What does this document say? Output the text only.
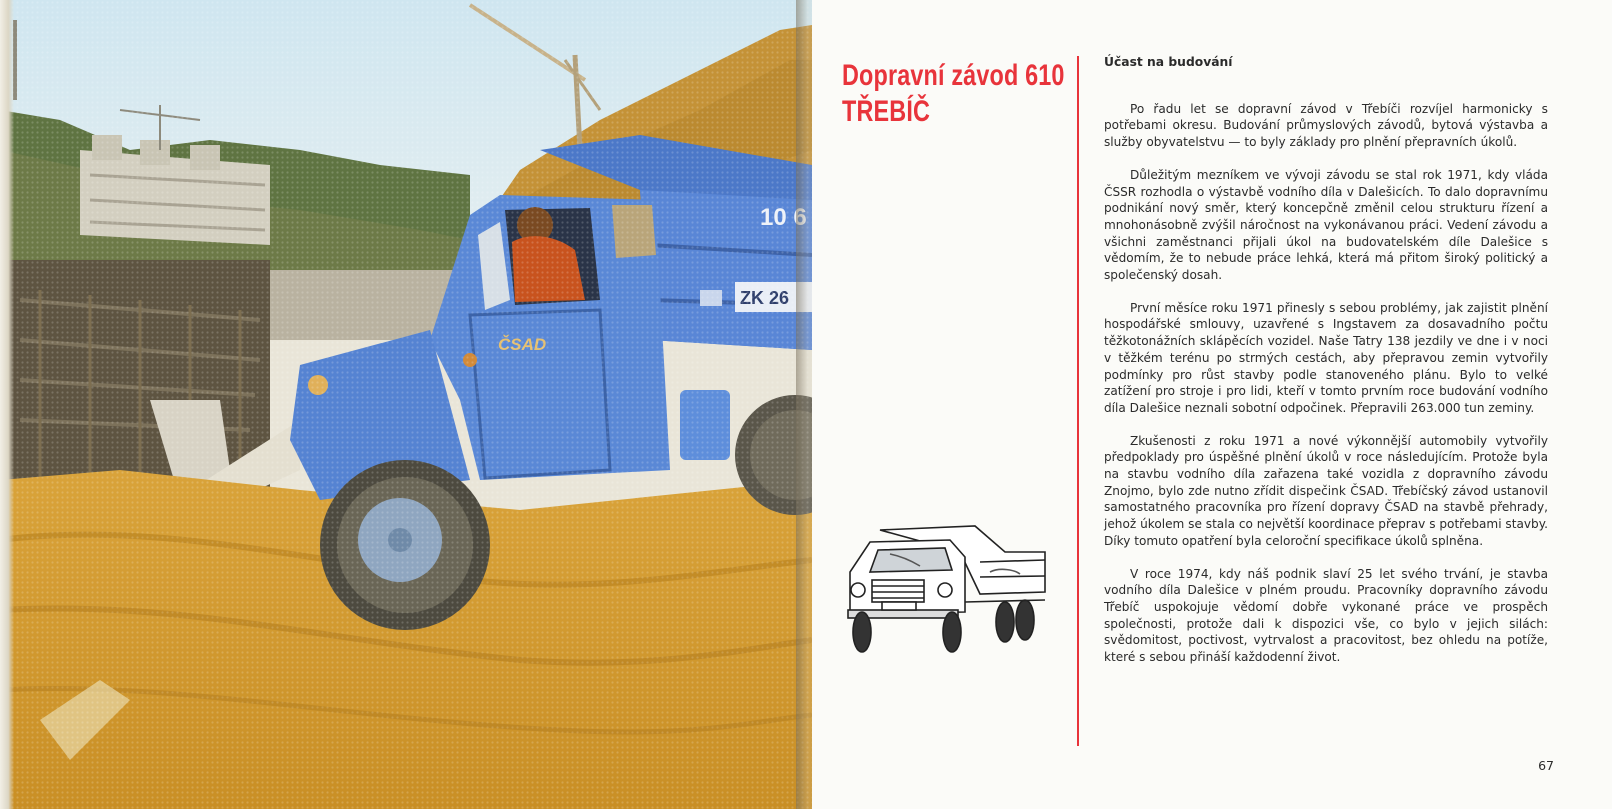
Dopravní závod 610
TŘEBÍČ
Účast na budování

Po řadu let se dopravní závod v Třebíči rozvíjel harmonicky s potřebami okresu. Budování průmyslových závodů, bytová výstavba a služby obyvatelstvu — to byly základy pro plnění přepravních úkolů.

Důležitým mezníkem ve vývoji závodu se stal rok 1971, kdy vláda ČSSR rozhodla o výstavbě vodního díla v Dalešicích. To dalo dopravnímu podnikání nový směr, který koncepčně změnil celou strukturu řízení a mnohonásobně zvýšil náročnost na vykonávanou práci. Vedení závodu a všichni zaměstnanci přijali úkol na budovatelském díle Dalešice s vědomím, že to nebude práce lehká, která má přitom široký politický a společenský dosah.

První měsíce roku 1971 přinesly s sebou problémy, jak zajistit plnění hospodářské smlouvy, uzavřené s Ingstavem za dosavadního počtu těžkotonážních sklápěcích vozidel. Naše Tatry 138 jezdily ve dne i v noci v těžkém terénu po strmých cestách, aby přepravou zemin vytvořily podmínky pro růst stavby podle stanoveného plánu. Bylo to velké zatížení pro stroje i pro lidi, kteří v tomto prvním roce budování vodního díla Dalešice neznali sobotní odpočinek. Přepravili 263.000 tun zeminy.

Zkušenosti z roku 1971 a nové výkonnější automobily vytvořily předpoklady pro úspěšné plnění úkolů v roce následujícím. Protože byla na stavbu vodního díla zařazena také vozidla z dopravního závodu Znojmo, bylo zde nutno zřídit dispečink ČSAD. Třebíčský závod ustanovil samostatného pracovníka pro řízení dopravy ČSAD na stavbě přehrady, jehož úkolem se stala co největší koordinace přeprav s potřebami stavby. Díky tomuto opatření byla celoroční specifikace úkolů splněna.

V roce 1974, kdy náš podnik slaví 25 let svého trvání, je stavba vodního díla Dalešice v plném proudu. Pracovníky dopravního závodu Třebíč uspokojuje vědomí dobře vykonané práce ve prospěch společnosti, protože dali k dispozici vše, co bylo v jejich silách: svědomitost, poctivost, vytrvalost a pracovitost, bez ohledu na potíže, které s sebou přináší každodenní život.

67
